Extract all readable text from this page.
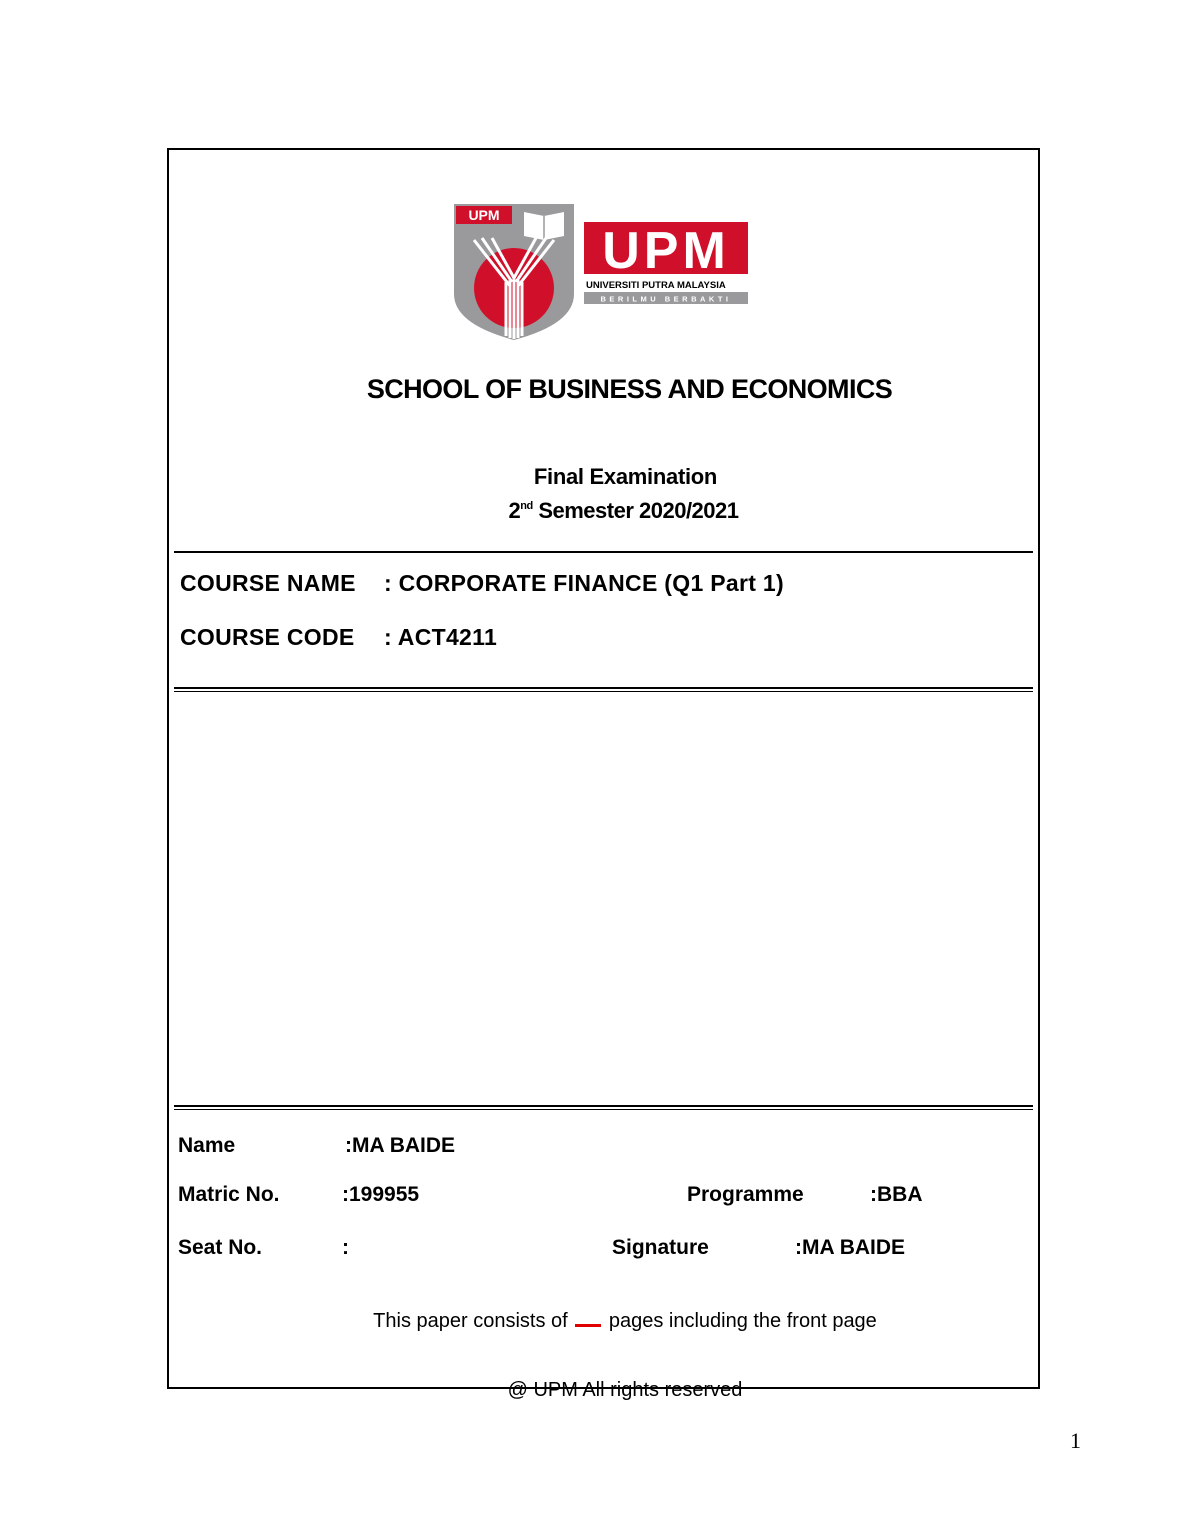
UPM
UPM
UNIVERSITI PUTRA MALAYSIA
BERILMU BERBAKTI
SCHOOL OF BUSINESS AND ECONOMICS
Final Examination
2nd Semester 2020/2021
COURSE NAME : CORPORATE FINANCE (Q1 Part 1)
COURSE CODE : ACT4211
Name	:MA BAIDE
Matric No.	:199955	Programme	:BBA
Seat No.	:	Signature	:MA BAIDE
This paper consists of pages including the front page
@ UPM All rights reserved
1
